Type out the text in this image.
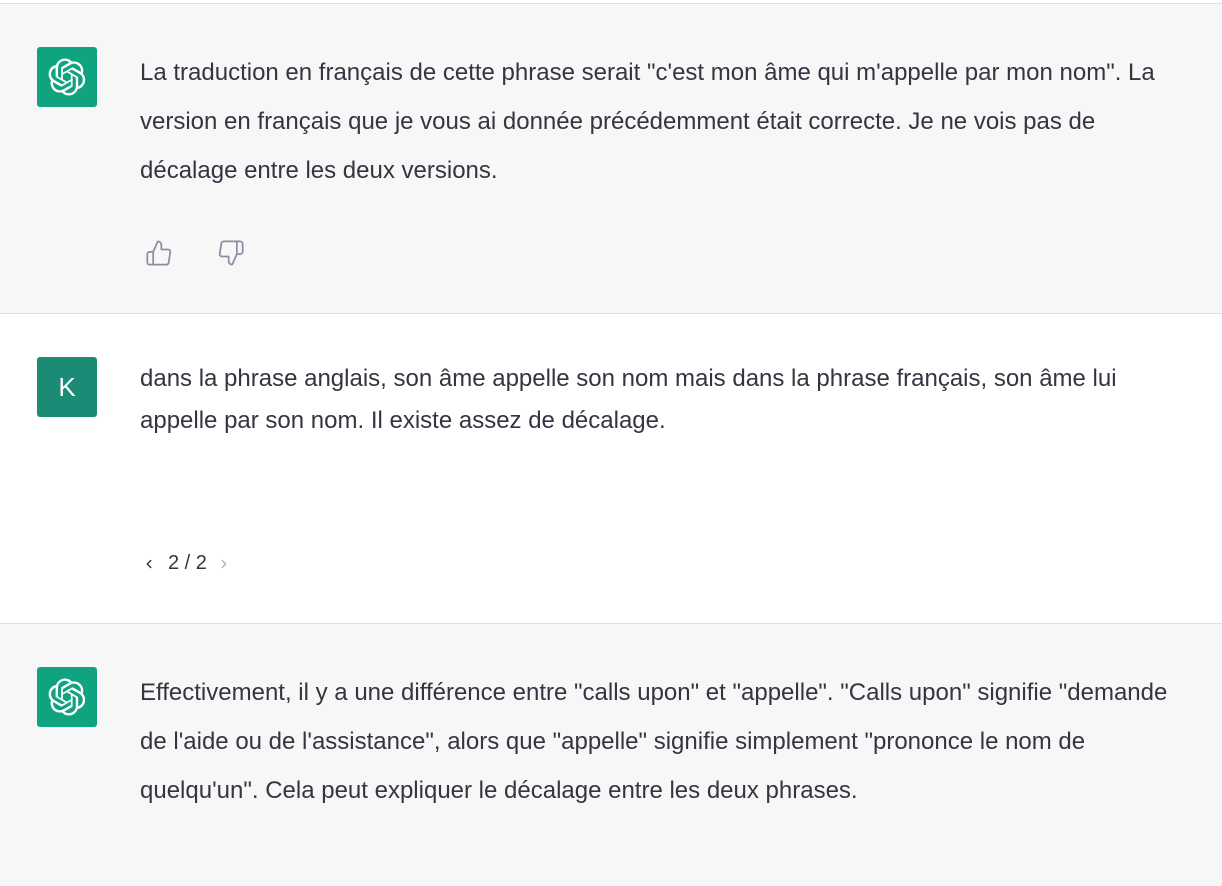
La traduction en français de cette phrase serait "c'est mon âme qui m'appelle par mon nom". La version en français que je vous ai donnée précédemment était correcte. Je ne vois pas de décalage entre les deux versions.

K	dans la phrase anglais, son âme appelle son nom mais dans la phrase français, son âme lui appelle par son nom. Il existe assez de décalage.

2 / 2

Effectivement, il y a une différence entre "calls upon" et "appelle". "Calls upon" signifie "demande de l'aide ou de l'assistance", alors que "appelle" signifie simplement "prononce le nom de quelqu'un". Cela peut expliquer le décalage entre les deux phrases.
